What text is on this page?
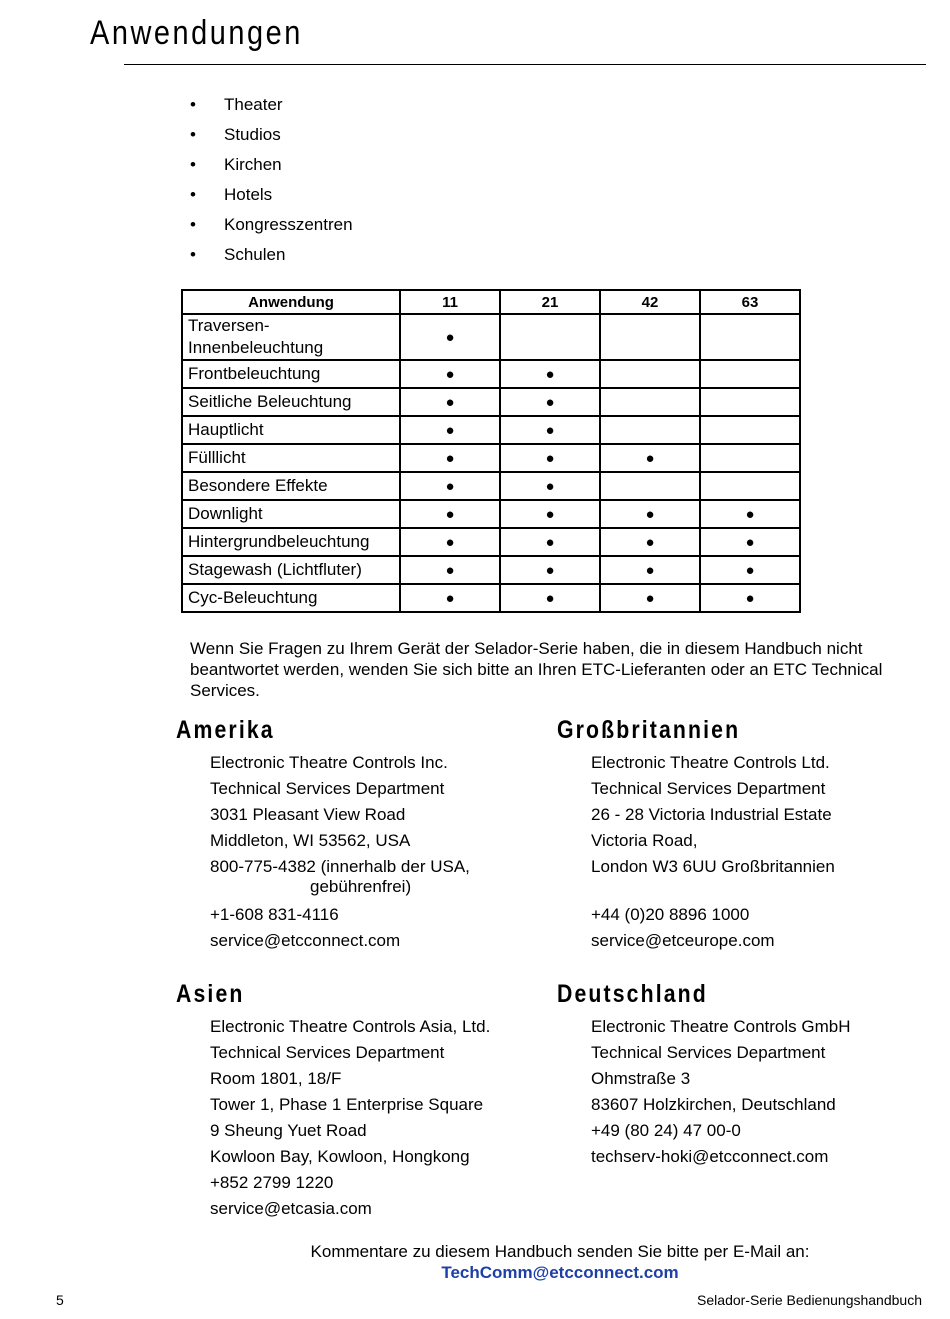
Anwendungen
• Theater
• Studios
• Kirchen
• Hotels
• Kongresszentren
• Schulen
Anwendung	11	21	42	63

Traversen-
Innenbeleuchtung	●			
Frontbeleuchtung	●	●		
Seitliche Beleuchtung	●	●		
Hauptlicht	●	●		
Fülllicht	●	●	●	
Besondere Effekte	●	●		
Downlight	●	●	●	●
Hintergrundbeleuchtung	●	●	●	●
Stagewash (Lichtfluter)	●	●	●	●
Cyc-Beleuchtung	●	●	●	●
Wenn Sie Fragen zu Ihrem Gerät der Selador-Serie haben, die in diesem Handbuch nicht beantwortet werden, wenden Sie sich bitte an Ihren ETC-Lieferanten oder an ETC Technical Services.
Amerika
Electronic Theatre Controls Inc.
Technical Services Department
3031 Pleasant View Road
Middleton, WI 53562, USA
800-775-4382 (innerhalb der USA,
gebührenfrei)
+1-608 831-4116
service@etcconnect.com
Großbritannien
Electronic Theatre Controls Ltd.
Technical Services Department
26 - 28 Victoria Industrial Estate
Victoria Road,
London W3 6UU Großbritannien
+44 (0)20 8896 1000
service@etceurope.com
Asien
Electronic Theatre Controls Asia, Ltd.
Technical Services Department
Room 1801, 18/F
Tower 1, Phase 1 Enterprise Square
9 Sheung Yuet Road
Kowloon Bay, Kowloon, Hongkong
+852 2799 1220
service@etcasia.com
Deutschland
Electronic Theatre Controls GmbH
Technical Services Department
Ohmstraße 3
83607 Holzkirchen, Deutschland
+49 (80 24) 47 00-0
techserv-hoki@etcconnect.com
Kommentare zu diesem Handbuch senden Sie bitte per E-Mail an:
TechComm@etcconnect.com
5	Selador-Serie Bedienungshandbuch
